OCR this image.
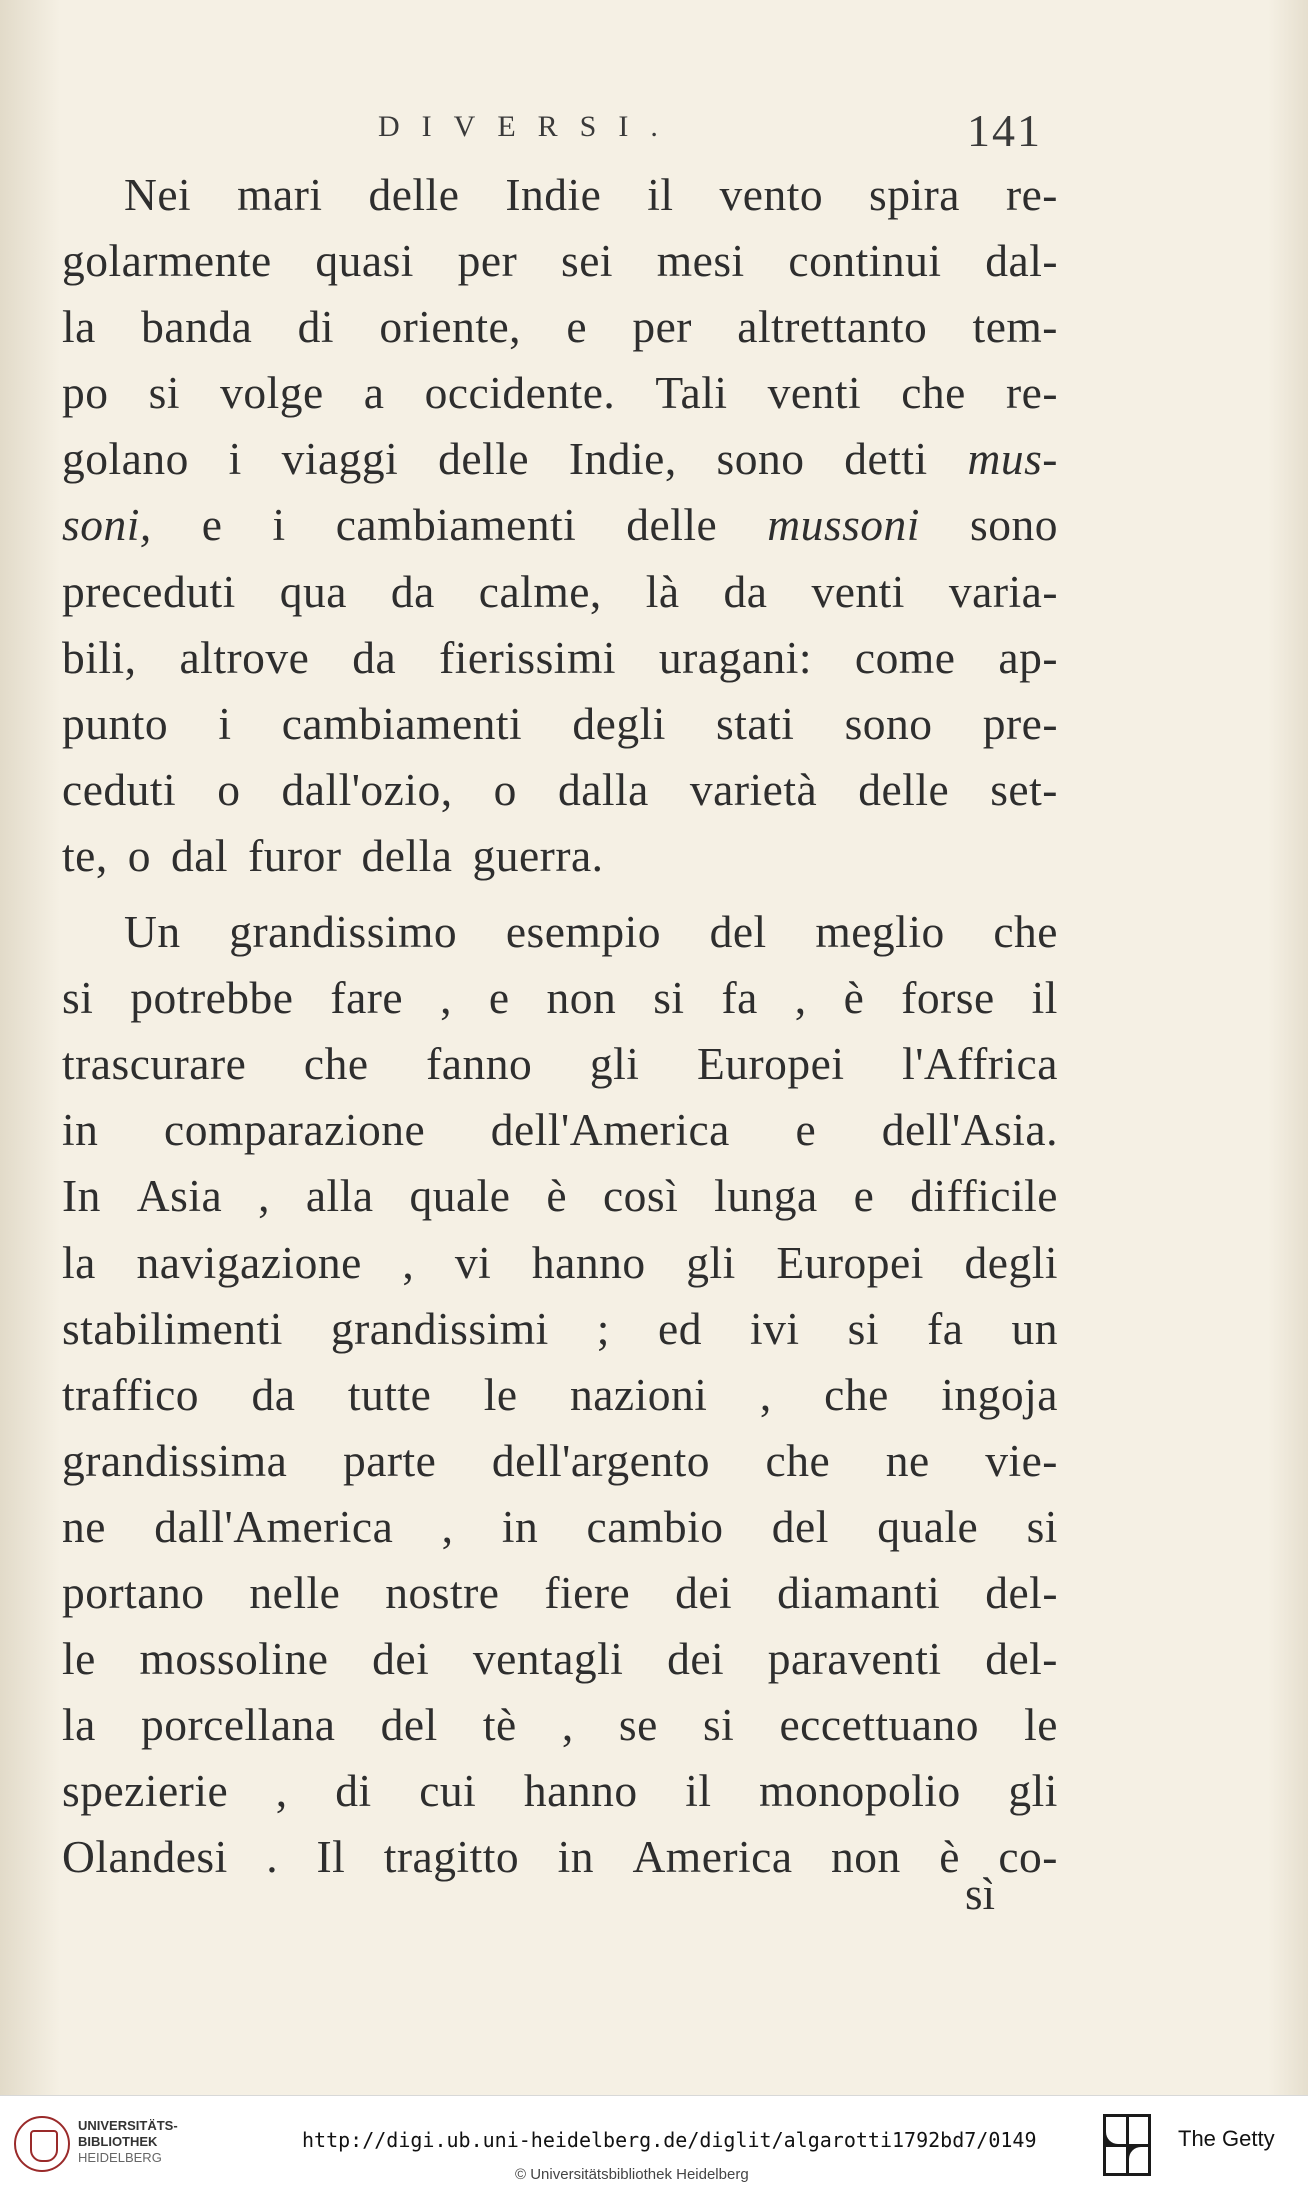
DIVERSI.	141
Nei mari delle Indie il vento spira re-
golarmente quasi per sei mesi continui dal-
la banda di oriente, e per altrettanto tem-
po si volge a occidente. Tali venti che re-
golano i viaggi delle Indie, sono detti mus-
soni, e i cambiamenti delle mussoni sono
preceduti qua da calme, là da venti varia-
bili, altrove da fierissimi uragani: come ap-
punto i cambiamenti degli stati sono pre-
ceduti o dall'ozio, o dalla varietà delle set-
te, o dal furor della guerra.
Un grandissimo esempio del meglio che
si potrebbe fare , e non si fa , è forse il
trascurare che fanno gli Europei l'Affrica
in comparazione dell'America e dell'Asia.
In Asia , alla quale è così lunga e difficile
la navigazione , vi hanno gli Europei degli
stabilimenti grandissimi ; ed ivi si fa un
traffico da tutte le nazioni , che ingoja
grandissima parte dell'argento che ne vie-
ne dall'America , in cambio del quale si
portano nelle nostre fiere dei diamanti del-
le mossoline dei ventagli dei paraventi del-
la porcellana del tè , se si eccettuano le
spezierie , di cui hanno il monopolio gli
Olandesi . Il tragitto in America non è co-
sì

UNIVERSITÄTS-
BIBLIOTHEK
HEIDELBERG

http://digi.ub.uni-heidelberg.de/diglit/algarotti1792bd7/0149
© Universitätsbibliothek Heidelberg
The Getty
